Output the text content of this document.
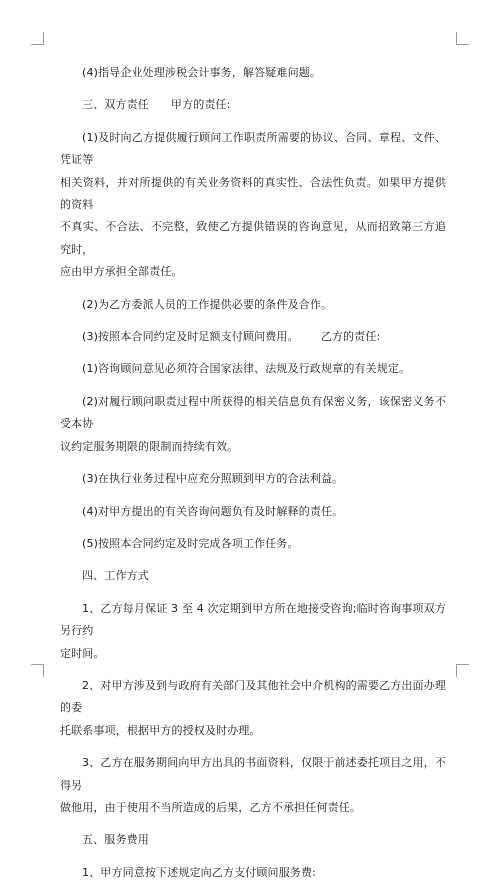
(4)指导企业处理涉税会计事务，解答疑难问题。

三、双方责任 甲方的责任:

(1)及时向乙方提供履行顾问工作职责所需要的协议、合同、章程、文件、凭证等
相关资料，并对所提供的有关业务资料的真实性、合法性负责。如果甲方提供的资料
不真实、不合法、不完整，致使乙方提供错误的咨询意见，从而招致第三方追究时，
应由甲方承担全部责任。

(2)为乙方委派人员的工作提供必要的条件及合作。

(3)按照本合同约定及时足额支付顾问费用。 乙方的责任:

(1)咨询顾问意见必须符合国家法律、法规及行政规章的有关规定。

(2)对履行顾问职责过程中所获得的相关信息负有保密义务，该保密义务不受本协
议约定服务期限的限制而持续有效。

(3)在执行业务过程中应充分照顾到甲方的合法利益。

(4)对甲方提出的有关咨询问题负有及时解释的责任。

(5)按照本合同约定及时完成各项工作任务。

四、工作方式

1、乙方每月保证 3 至 4 次定期到甲方所在地接受咨询;临时咨询事项双方另行约
定时间。

2、对甲方涉及到与政府有关部门及其他社会中介机构的需要乙方出面办理的委
托联系事项，根据甲方的授权及时办理。

3、乙方在服务期间向甲方出具的书面资料，仅限于前述委托项目之用，不得另
做他用，由于使用不当所造成的后果，乙方不承担任何责任。

五、服务费用

1、甲方同意按下述规定向乙方支付顾问服务费:
